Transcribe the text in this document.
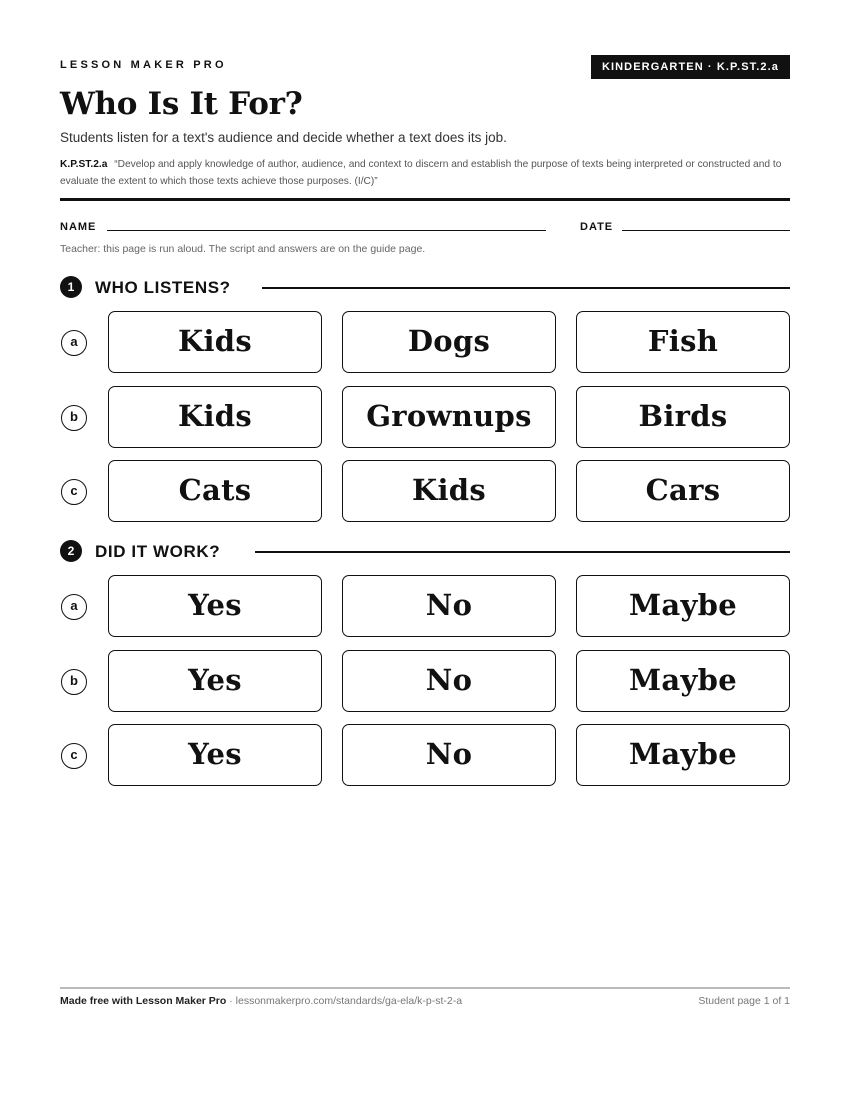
LESSON MAKER PRO	KINDERGARTEN · K.P.ST.2.a
Who Is It For?
Students listen for a text's audience and decide whether a text does its job.
K.P.ST.2.a “Develop and apply knowledge of author, audience, and context to discern and establish the purpose of texts being interpreted or constructed and to evaluate the extent to which those texts achieve those purposes. (I/C)”
NAME	DATE
Teacher: this page is run aloud. The script and answers are on the guide page.
1	WHO LISTENS?
a	Kids	Dogs	Fish
b	Kids	Grownups	Birds
c	Cats	Kids	Cars
2	DID IT WORK?
a	Yes	No	Maybe
b	Yes	No	Maybe
c	Yes	No	Maybe
Made free with Lesson Maker Pro · lessonmakerpro.com/standards/ga-ela/k-p-st-2-a	Student page 1 of 1
